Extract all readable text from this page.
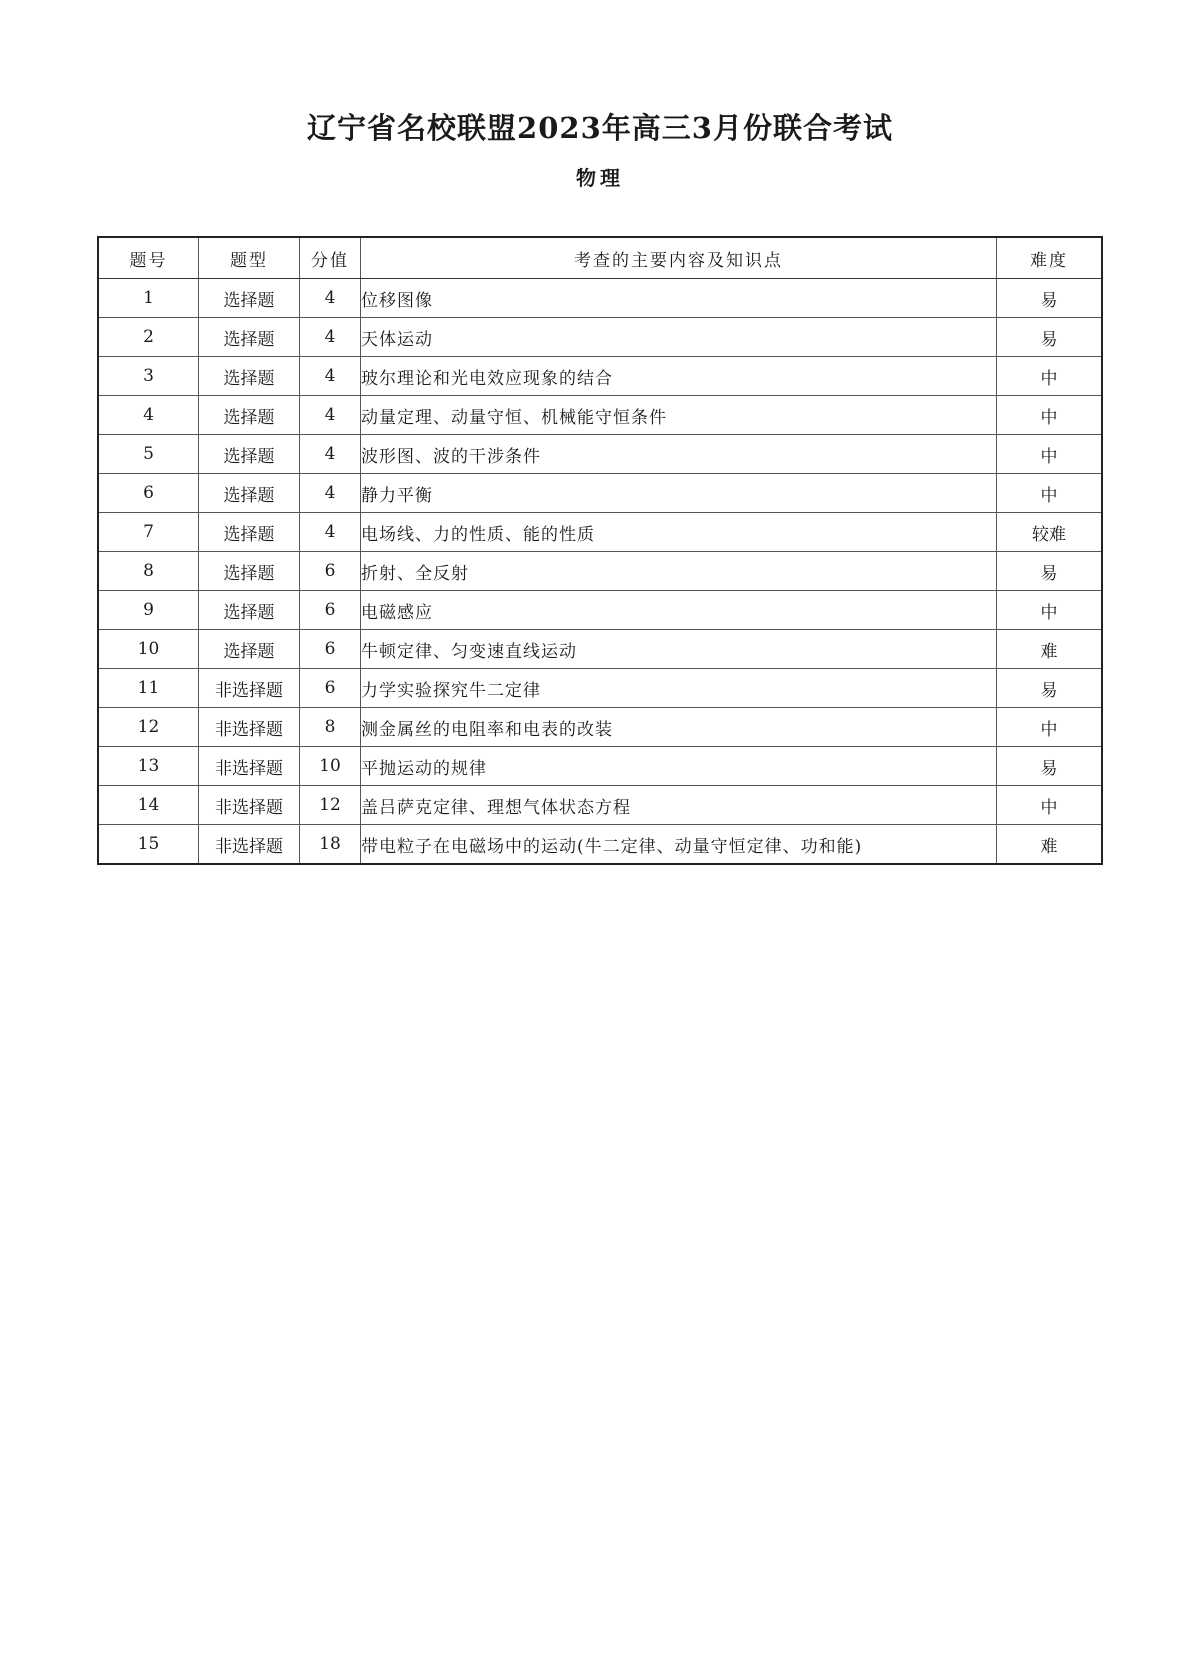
辽宁省名校联盟2023年高三3月份联合考试
物理
题号	题型	分值	考查的主要内容及知识点	难度
1	选择题	4	位移图像	易
2	选择题	4	天体运动	易
3	选择题	4	玻尔理论和光电效应现象的结合	中
4	选择题	4	动量定理、动量守恒、机械能守恒条件	中
5	选择题	4	波形图、波的干涉条件	中
6	选择题	4	静力平衡	中
7	选择题	4	电场线、力的性质、能的性质	较难
8	选择题	6	折射、全反射	易
9	选择题	6	电磁感应	中
10	选择题	6	牛顿定律、匀变速直线运动	难
11	非选择题	6	力学实验探究牛二定律	易
12	非选择题	8	测金属丝的电阻率和电表的改装	中
13	非选择题	10	平抛运动的规律	易
14	非选择题	12	盖吕萨克定律、理想气体状态方程	中
15	非选择题	18	带电粒子在电磁场中的运动(牛二定律、动量守恒定律、功和能)	难
